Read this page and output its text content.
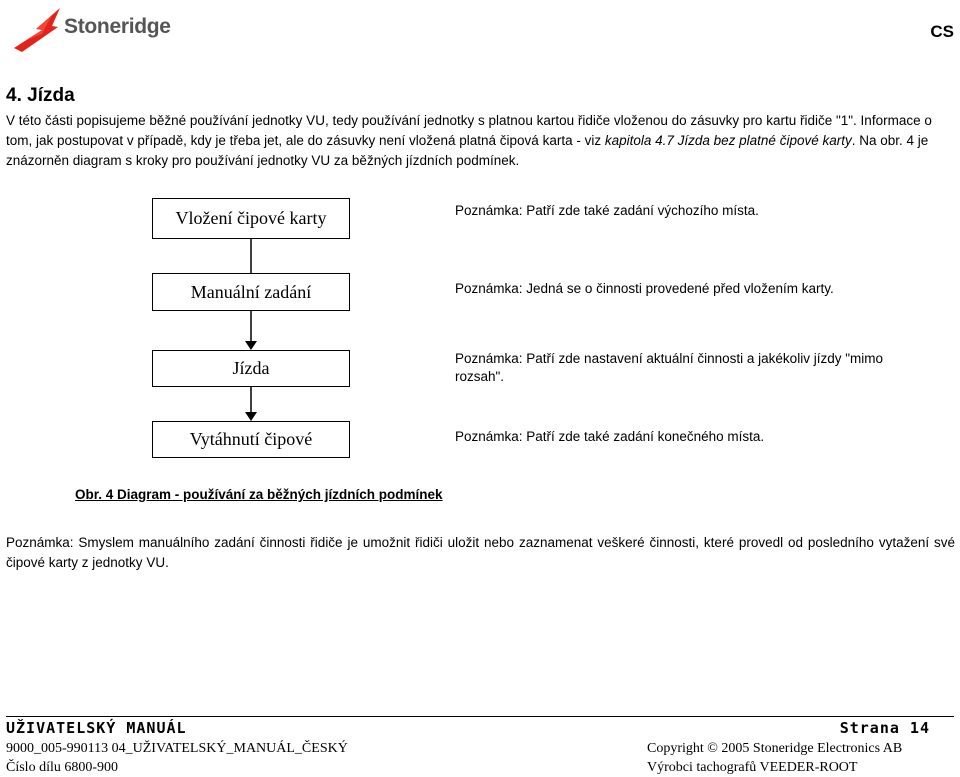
Stoneridge	CS
4. Jízda

V této části popisujeme běžné používání jednotky VU, tedy používání jednotky s platnou kartou řidiče vloženou do zásuvky pro kartu řidiče "1". Informace o tom, jak postupovat v případě, kdy je třeba jet, ale do zásuvky není vložená platná čipová karta - viz kapitola 4.7 Jízda bez platné čipové karty. Na obr. 4 je znázorněn diagram s kroky pro používání jednotky VU za běžných jízdních podmínek.

Vložení čipové karty
Manuální zadání
Jízda
Vytáhnutí čipové
Poznámka: Patří zde také zadání výchozího místa.
Poznámka: Jedná se o činnosti provedené před vložením karty.
Poznámka: Patří zde nastavení aktuální činnosti a jakékoliv jízdy "mimo rozsah".
Poznámka: Patří zde také zadání konečného místa.
Obr. 4 Diagram - používání za běžných jízdních podmínek

Poznámka: Smyslem manuálního zadání činnosti řidiče je umožnit řidiči uložit nebo zaznamenat veškeré činnosti, které provedl od posledního vytažení své čipové karty z jednotky VU.

UŽIVATELSKÝ MANUÁL	Strana 14
9000_005-990113 04_UŽIVATELSKÝ_MANUÁL_ČESKÝ
Číslo dílu 6800-900
Copyright © 2005 Stoneridge Electronics AB
Výrobci tachografů VEEDER-ROOT
